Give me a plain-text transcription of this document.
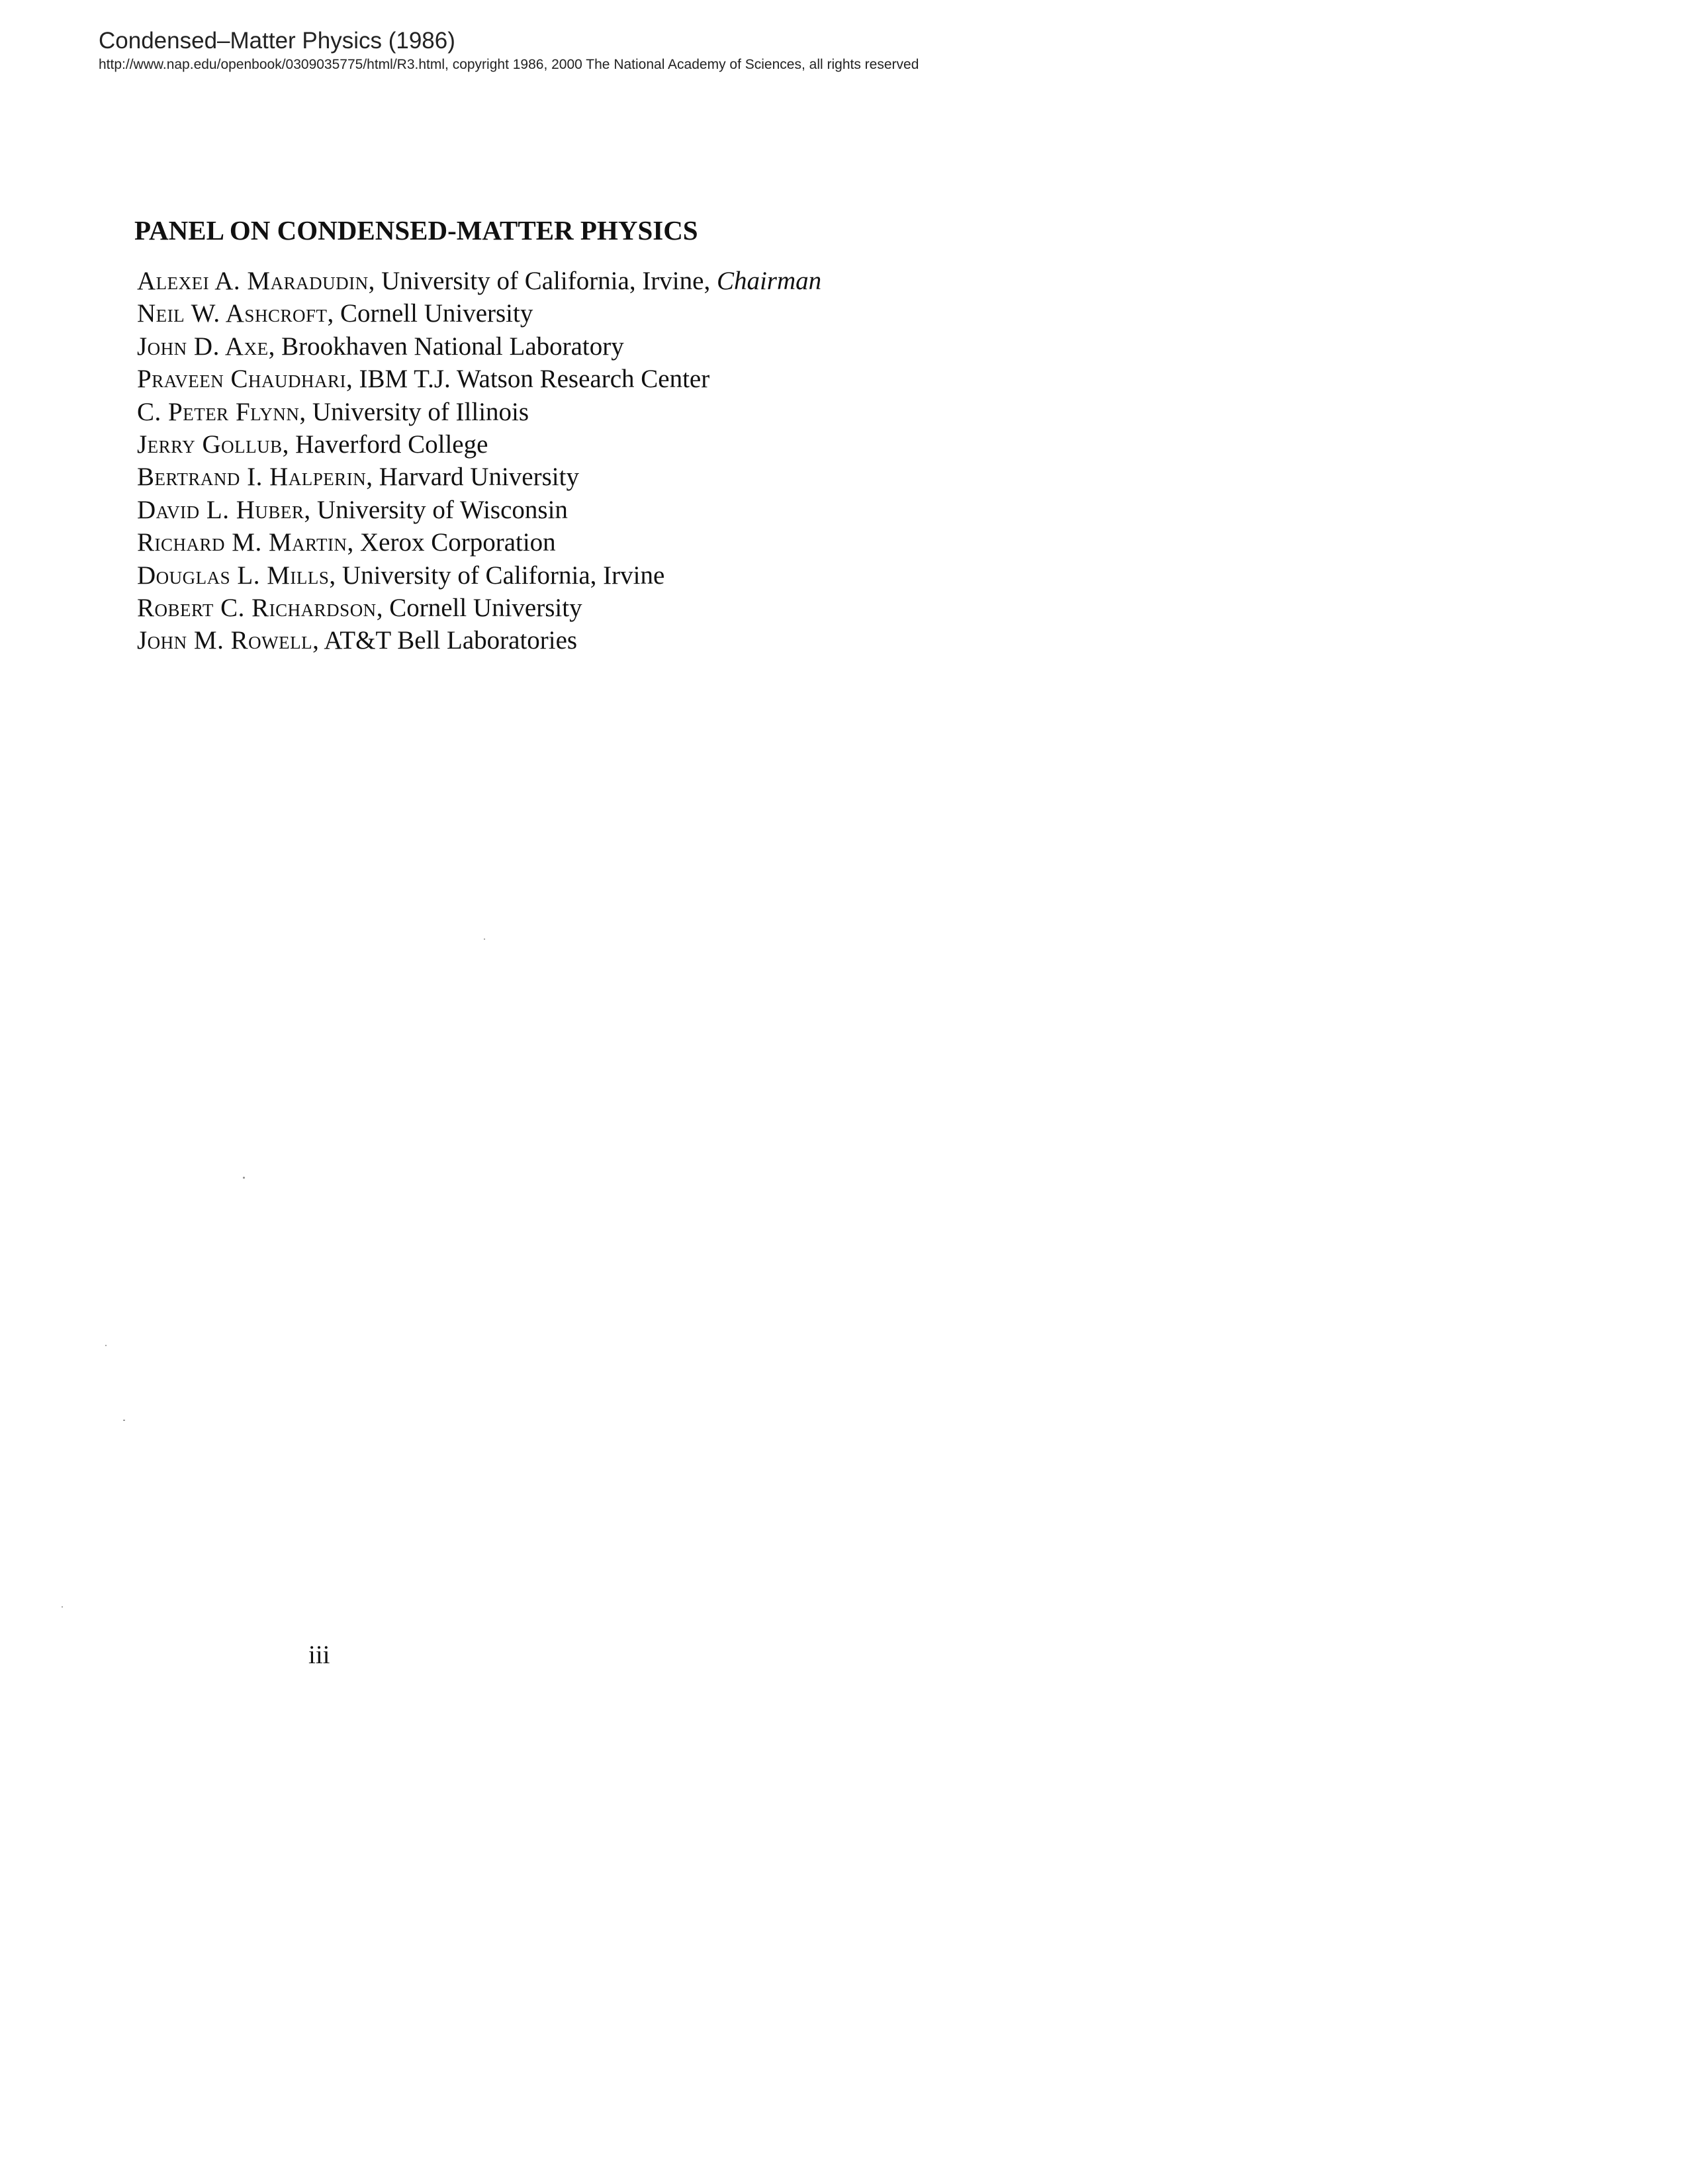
Condensed–Matter Physics (1986)
http://www.nap.edu/openbook/0309035775/html/R3.html, copyright 1986, 2000 The National Academy of Sciences, all rights reserved
PANEL ON CONDENSED-MATTER PHYSICS
Alexei A. Maradudin, University of California, Irvine, Chairman
Neil W. Ashcroft, Cornell University
John D. Axe, Brookhaven National Laboratory
Praveen Chaudhari, IBM T.J. Watson Research Center
C. Peter Flynn, University of Illinois
Jerry Gollub, Haverford College
Bertrand I. Halperin, Harvard University
David L. Huber, University of Wisconsin
Richard M. Martin, Xerox Corporation
Douglas L. Mills, University of California, Irvine
Robert C. Richardson, Cornell University
John M. Rowell, AT&T Bell Laboratories
iii
